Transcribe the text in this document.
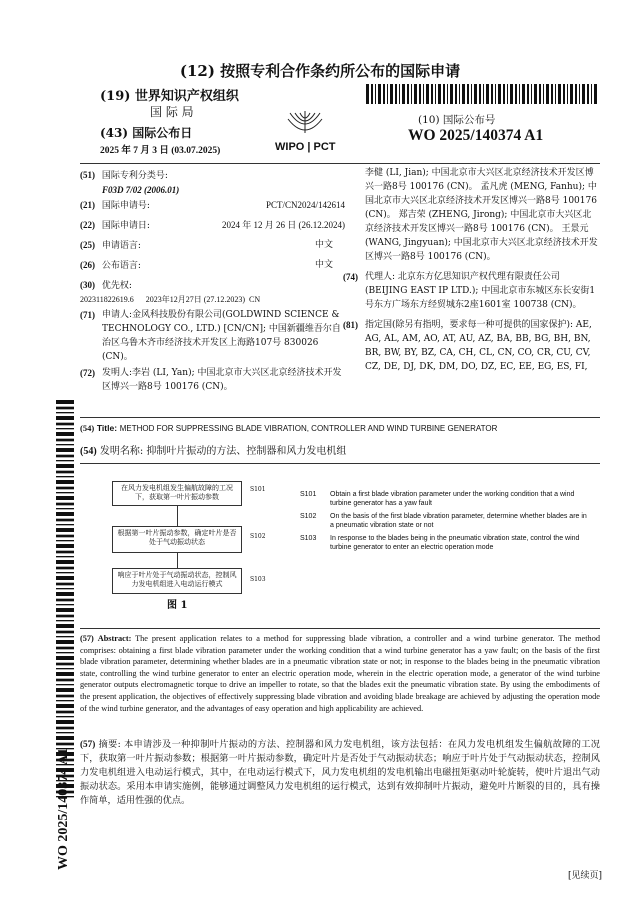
(12) 按照专利合作条约所公布的国际申请
(19) 世界知识产权组织
国 际 局
(43) 国际公布日
2025 年 7 月 3 日 (03.07.2025)	WIPO | PCT
(10) 国际公布号
WO 2025/140374 A1
WO 2025/140374 A1
(51) 国际专利分类号:
F03D 7/02 (2006.01)
(21) 国际申请号:	PCT/CN2024/142614
(22) 国际申请日:	2024 年 12 月 26 日 (26.12.2024)
(25) 申请语言:	中文
(26) 公布语言:	中文
(30) 优先权:
202311822619.6      2023年12月27日 (27.12.2023)  CN
(71) 申请人:金风科技股份有限公司(GOLDWIND SCIENCE & TECHNOLOGY CO., LTD.) [CN/CN]; 中国新疆维吾尔自治区乌鲁木齐市经济技术开发区上海路107号 830026 (CN)。
(72) 发明人:李岩 (LI, Yan); 中国北京市大兴区北京经济技术开发区博兴一路8号 100176 (CN)。
李健 (LI, Jian); 中国北京市大兴区北京经济技术开发区博兴一路8号 100176 (CN)。 孟凡虎 (MENG, Fanhu); 中国北京市大兴区北京经济技术开发区博兴一路8号 100176 (CN)。 郑吉荣 (ZHENG, Jirong); 中国北京市大兴区北京经济技术开发区博兴一路8号 100176 (CN)。 王景元 (WANG, Jingyuan); 中国北京市大兴区北京经济技术开发区博兴一路8号 100176 (CN)。
(74) 代理人: 北京东方亿思知识产权代理有限责任公司 (BEIJING EAST IP LTD.); 中国北京市东城区东长安街1号东方广场东方经贸城东2座1601室 100738 (CN)。
(81) 指定国(除另有指明，要求每一种可提供的国家保护): AE, AG, AL, AM, AO, AT, AU, AZ, BA, BB, BG, BH, BN, BR, BW, BY, BZ, CA, CH, CL, CN, CO, CR, CU, CV, CZ, DE, DJ, DK, DM, DO, DZ, EC, EE, EG, ES, FI,
(54) Title: METHOD FOR SUPPRESSING BLADE VIBRATION, CONTROLLER AND WIND TURBINE GENERATOR
(54) 发明名称: 抑制叶片振动的方法、控制器和风力发电机组
在风力发电机组发生偏航故障的工况下，获取第一叶片振动参数
S101
根据第一叶片振动参数，确定叶片是否处于气动振动状态
S102
响应于叶片处于气动振动状态，控制风力发电机组进入电动运行模式
S103
图 1
S101 Obtain a first blade vibration parameter under the working condition that a wind turbine generator has a yaw fault
S102 On the basis of the first blade vibration parameter, determine whether blades are in a pneumatic vibration state or not
S103 In response to the blades being in the pneumatic vibration state, control the wind turbine generator to enter an electric operation mode
(57) Abstract: The present application relates to a method for suppressing blade vibration, a controller and a wind turbine generator. The method comprises: obtaining a first blade vibration parameter under the working condition that a wind turbine generator has a yaw fault; on the basis of the first blade vibration parameter, determining whether blades are in a pneumatic vibration state or not; in response to the blades being in the pneumatic vibration state, controlling the wind turbine generator to enter an electric operation mode, wherein in the electric operation mode, a generator of the wind turbine generator outputs electromagnetic torque to drive an impeller to rotate, so that the blades exit the pneumatic vibration state. By using the embodiments of the present application, the objectives of effectively suppressing blade vibration and avoiding blade breakage are achieved by adjusting the operation mode of the wind turbine generator, and the advantages of easy operation and high applicability are achieved.
(57) 摘要: 本申请涉及一种抑制叶片振动的方法、控制器和风力发电机组，该方法包括：在风力发电机组发生偏航故障的工况下，获取第一叶片振动参数；根据第一叶片振动参数，确定叶片是否处于气动振动状态；响应于叶片处于气动振动状态，控制风力发电机组进入电动运行模式，其中，在电动运行模式下，风力发电机组的发电机输出电磁扭矩驱动叶轮旋转，使叶片退出气动振动状态。采用本申请实施例，能够通过调整风力发电机组的运行模式，达到有效抑制叶片振动，避免叶片断裂的目的，具有操作简单，适用性强的优点。
[见续页]
